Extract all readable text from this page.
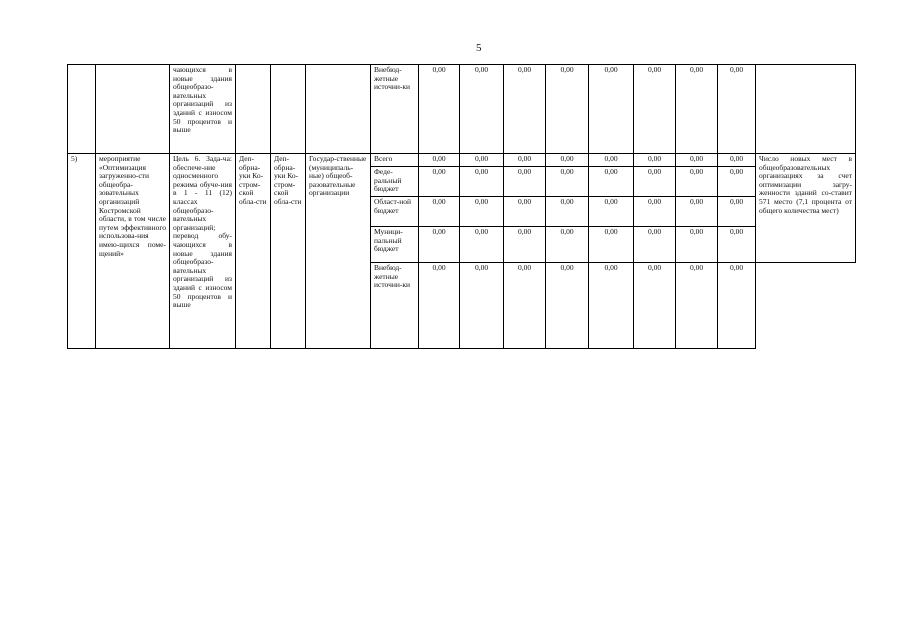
5
		чающихся в новые здания общеобразо-вательных организаций из зданий с износом 50 процентов и выше				Внебюд-жетные источни-ки	0,00	0,00	0,00	0,00	0,00	0,00	0,00	0,00	
5)	мероприятие «Оптимизация загруженно-сти общеобра-зовательных организаций Костромской области, в том числе путем эффективного использова-ния имею-щихся поме-щений»	Цель 6. Зада-ча: обеспече-ние односменного режима обуче-ния в 1 - 11 (12) классах общеобразо-вательных организаций; перевод обу-чающихся в новые здания общеобразо-вательных организаций из зданий с износом 50 процентов и выше	Деп-обрна-уки Ко-стром-ской обла-сти	Деп-обрна-уки Ко-стром-ской обла-сти	Государ-ственные (муниципаль-ные) общеоб-разовательные организации	Всего	0,00	0,00	0,00	0,00	0,00	0,00	0,00	0,00	Число новых мест в общеобразовательных организациях за счет оптимизации загру-женности зданий со-ставит 571 место (7,1 процента от общего количества мест)
						Феде-ральный бюджет	0,00	0,00	0,00	0,00	0,00	0,00	0,00	0,00	
						Област-ной бюджет	0,00	0,00	0,00	0,00	0,00	0,00	0,00	0,00	
						Муници-пальный бюджет	0,00	0,00	0,00	0,00	0,00	0,00	0,00	0,00	
						Внебюд-жетные источни-ки	0,00	0,00	0,00	0,00	0,00	0,00	0,00	0,00	
